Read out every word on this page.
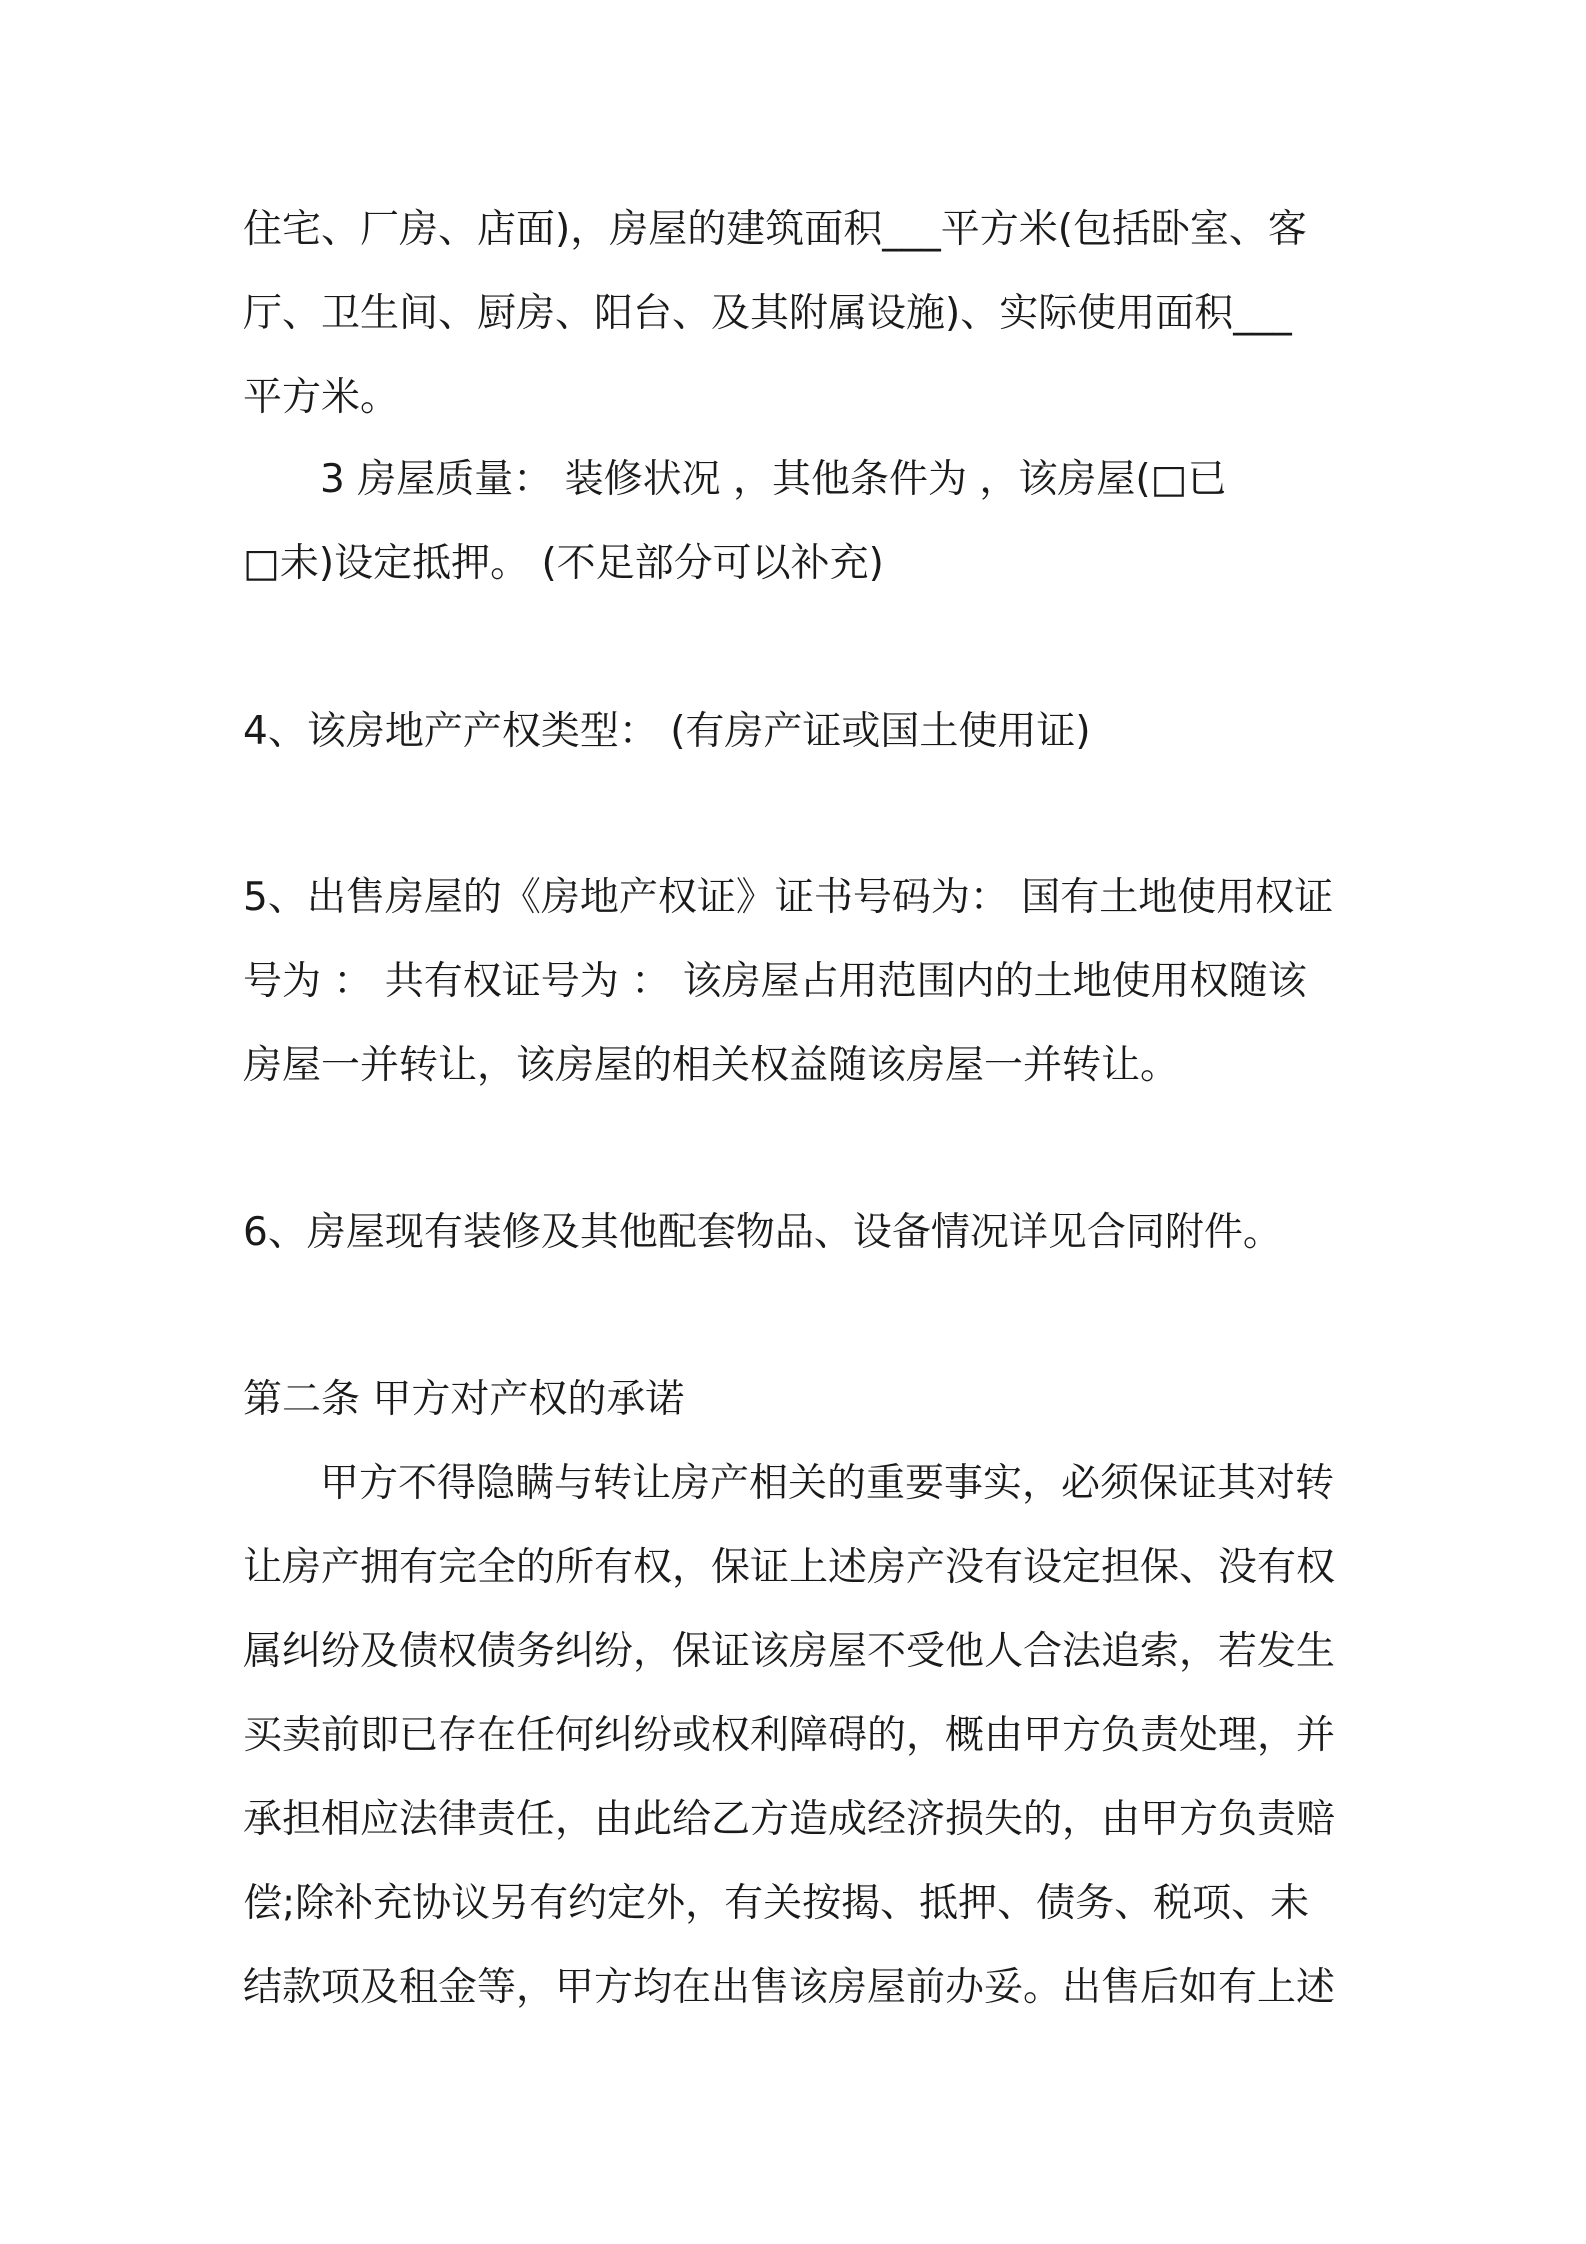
住宅、厂房、店面)，房屋的建筑面积___平方米(包括卧室、客
厅、卫生间、厨房、阳台、及其附属设施)、实际使用面积___
平方米。
3 房屋质量： 装修状况 ，其他条件为 ，该房屋(□已
□未)设定抵押。 (不足部分可以补充)
4、该房地产产权类型： (有房产证或国土使用证)
5、出售房屋的《房地产权证》证书号码为： 国有土地使用权证
号为 ： 共有权证号为 ： 该房屋占用范围内的土地使用权随该
房屋一并转让，该房屋的相关权益随该房屋一并转让。
6、房屋现有装修及其他配套物品、设备情况详见合同附件。
第二条 甲方对产权的承诺
甲方不得隐瞒与转让房产相关的重要事实，必须保证其对转
让房产拥有完全的所有权，保证上述房产没有设定担保、没有权
属纠纷及债权债务纠纷，保证该房屋不受他人合法追索，若发生
买卖前即已存在任何纠纷或权利障碍的，概由甲方负责处理，并
承担相应法律责任，由此给乙方造成经济损失的，由甲方负责赔
偿;除补充协议另有约定外，有关按揭、抵押、债务、税项、未
结款项及租金等，甲方均在出售该房屋前办妥。出售后如有上述
